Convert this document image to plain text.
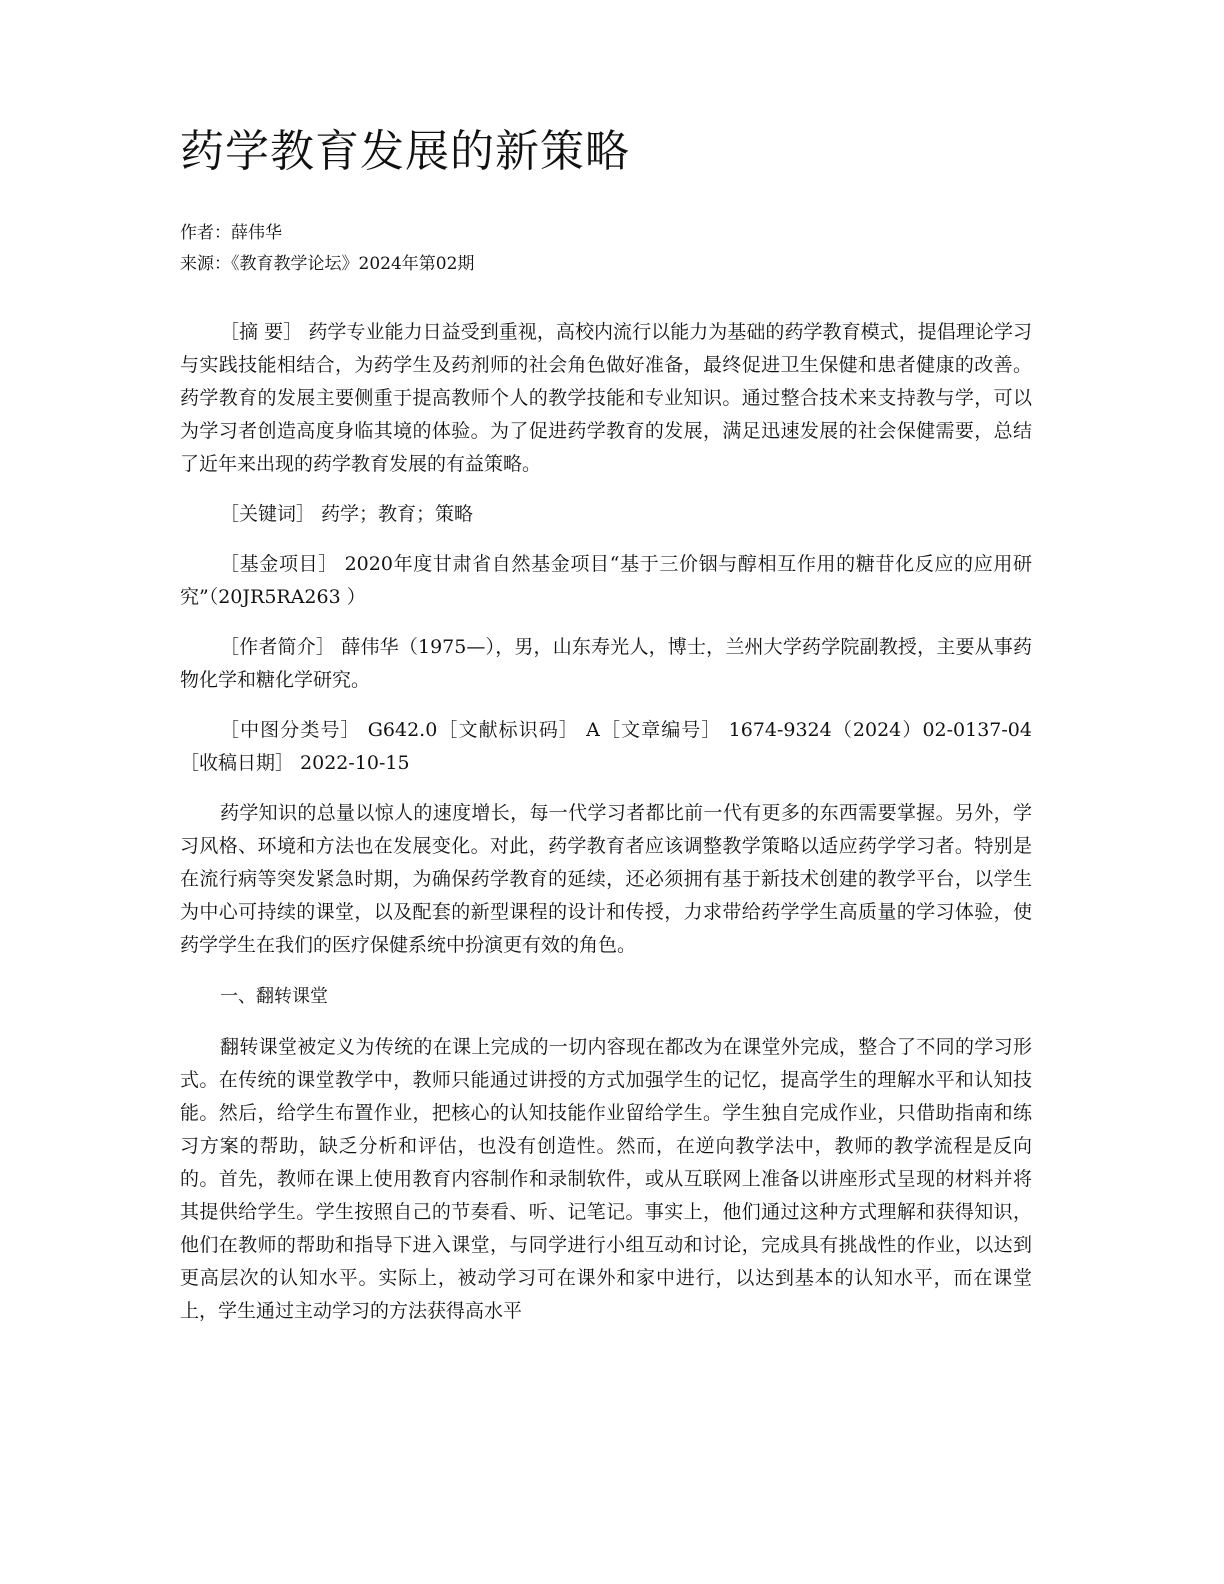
药学教育发展的新策略
作者：薛伟华
来源：《教育教学论坛》2024年第02期

［摘 要］ 药学专业能力日益受到重视，高校内流行以能力为基础的药学教育模式，提倡理论学习与实践技能相结合，为药学生及药剂师的社会角色做好准备，最终促进卫生保健和患者健康的改善。药学教育的发展主要侧重于提高教师个人的教学技能和专业知识。通过整合技术来支持教与学，可以为学习者创造高度身临其境的体验。为了促进药学教育的发展，满足迅速发展的社会保健需要，总结了近年来出现的药学教育发展的有益策略。

［关键词］ 药学；教育；策略

［基金项目］ 2020年度甘肃省自然基金项目“基于三价铟与醇相互作用的糖苷化反应的应用研究”（20JR5RA263 ）

［作者简介］ 薛伟华（1975—），男，山东寿光人，博士，兰州大学药学院副教授，主要从事药物化学和糖化学研究。

［中图分类号］ G642.0［文献标识码］ A［文章编号］ 1674-9324（2024）02-0137-04［收稿日期］ 2022-10-15

药学知识的总量以惊人的速度增长，每一代学习者都比前一代有更多的东西需要掌握。另外，学习风格、环境和方法也在发展变化。对此，药学教育者应该调整教学策略以适应药学学习者。特别是在流行病等突发紧急时期，为确保药学教育的延续，还必须拥有基于新技术创建的教学平台，以学生为中心可持续的课堂，以及配套的新型课程的设计和传授，力求带给药学学生高质量的学习体验，使药学学生在我们的医疗保健系统中扮演更有效的角色。

一、翻转课堂

翻转课堂被定义为传统的在课上完成的一切内容现在都改为在课堂外完成，整合了不同的学习形式。在传统的课堂教学中，教师只能通过讲授的方式加强学生的记忆，提高学生的理解水平和认知技能。然后，给学生布置作业，把核心的认知技能作业留给学生。学生独自完成作业，只借助指南和练习方案的帮助，缺乏分析和评估，也没有创造性。然而，在逆向教学法中，教师的教学流程是反向的。首先，教师在课上使用教育内容制作和录制软件，或从互联网上准备以讲座形式呈现的材料并将其提供给学生。学生按照自己的节奏看、听、记笔记。事实上，他们通过这种方式理解和获得知识，他们在教师的帮助和指导下进入课堂，与同学进行小组互动和讨论，完成具有挑战性的作业，以达到更高层次的认知水平。实际上，被动学习可在课外和家中进行，以达到基本的认知水平，而在课堂上，学生通过主动学习的方法获得高水平
